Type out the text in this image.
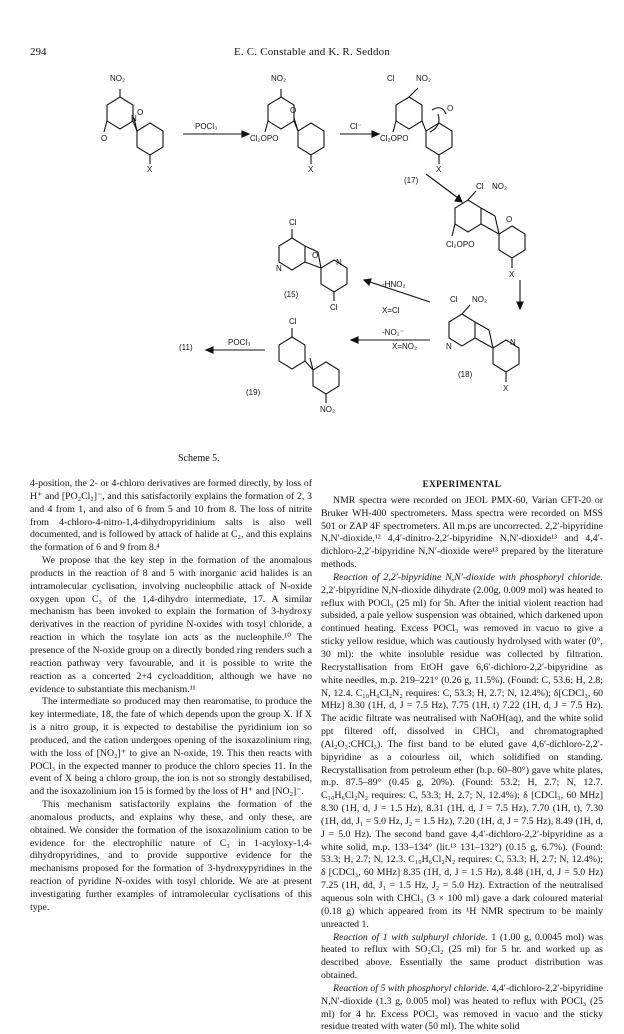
294	E. C. Constable and K. R. Seddon
NO₂
O
N
O
X
POCl₃
NO₂
O
Cl₂OPO
X
Cl⁻
Cl	NO₂
O
Cl₂OPO
X
(17)
Cl NO₂
O
Cl₂OPO
X
Cl
O
N
N
Cl
(15)
-HNO₂
X=Cl
-NO₂⁻
X=NO₂
Cl NO₂
N	N
X
(18)
Cl
POCl₃
(11)
(19)
NO₂
Scheme 5.

4-position, the 2- or 4-chloro derivatives are formed directly, by loss of H⁺ and [PO₂Cl₂]⁻, and this satisfactorily explains the formation of 2, 3 and 4 from 1, and also of 6 from 5 and 10 from 8. The loss of nitrite from 4-chloro-4-nitro-1,4-dihydropyridinium salts is also well documented, and is followed by attack of halide at C₂, and this explains the formation of 6 and 9 from 8.⁴

We propose that the key step in the formation of the anomalous products in the reaction of 8 and 5 with inorganic acid halides is an intramolecular cyclisation, involving nucleophilic attack of N-oxide oxygen upon C₃ of the 1,4-dihydro intermediate, 17. A similar mechanism has been invoked to explain the formation of 3-hydroxy derivatives in the reaction of pyridine N-oxides with tosyl chloride, a reaction in which the tosylate ion acts as the nucleophile.¹⁰ The presence of the N-oxide group on a directly bonded ring renders such a reaction pathway very favourable, and it is possible to write the reaction as a concerted 2+4 cycloaddition, although we have no evidence to substantiate this mechanism.¹¹

The intermediate so produced may then rearomatise, to produce the key intermediate, 18, the fate of which depends upon the group X. If X is a nitro group, it is expected to destabilise the pyridinium ion so produced, and the cation undergoes opening of the isoxazolinium ring, with the loss of [NO₂]⁺ to give an N-oxide, 19. This then reacts with POCl₃ in the expected manner to produce the chloro species 11. In the event of X being a chloro group, the ion is not so strongly destabilised, and the isoxazolinium ion 15 is formed by the loss of H⁺ and [NO₂]⁻.

This mechanism satisfactorily explains the formation of the anomalous products, and explains why these, and only these, are obtained. We consider the formation of the isoxazolinium cation to be evidence for the electrophilic nature of C₃ in 1-acyloxy-1,4-dihydropyridines, and to provide supportive evidence for the mechanisms proposed for the formation of 3-hydroxypyridines in the reaction of pyridine N-oxides with tosyl chloride. We are at present investigating further examples of intramolecular cyclisations of this type.

EXPERIMENTAL

NMR spectra were recorded on JEOL PMX-60, Varian CFT-20 or Bruker WH-400 spectrometers. Mass spectra were recorded on MSS 501 or ZAP 4F spectrometers. All m.ps are uncorrected. 2,2′-bipyridine N,N′-dioxide,¹² 4,4′-dinitro-2,2′-bipyridine N,N′-dioxide¹³ and 4,4′-dichloro-2,2′-bipyridine N,N′-dioxide were¹³ prepared by the literature methods.

Reaction of 2,2′-bipyridine N,N′-dioxide with phosphoryl chloride. 2,2′-bipyridine N,N-dioxide dihydrate (2.00g, 0.009 mol) was heated to reflux with POCl₃ (25 ml) for 5h. After the initial violent reaction had subsided, a pale yellow suspension was obtained, which darkened upon continued heating. Excess POCl₃ was removed in vacuo to give a sticky yellow residue, which was cautiously hydrolysed with water (0°, 30 ml): the white insoluble residue was collected by filtration. Recrystallisation from EtOH gave 6,6′-dichloro-2,2′-bipyridine as white needles, m.p. 219–221° (0.26 g, 11.5%). (Found: C, 53.6; H, 2.8; N, 12.4. C₁₀H₆Cl₂N₂ requires: C, 53.3; H, 2.7; N, 12.4%); δ[CDCl₃, 60 MHz] 8.30 (1H, d, J = 7.5 Hz), 7.75 (1H, t) 7.22 (1H, d, J = 7.5 Hz). The acidic filtrate was neutralised with NaOH(aq), and the white solid ppt filtered off, dissolved in CHCl₃ and chromatographed (Al₂O₃:CHCl₃). The first band to be eluted gave 4,6′-dichloro-2,2′-bipyridine as a colourless oil, which solidified on standing. Recrystallisation from petroleum ether (b.p. 60–80°) gave white plates, m.p. 87.5–89° (0.45 g, 20%). (Found: 53.2; H, 2.7; N, 12.7. C₁₀H₆Cl₂N₂ requires: C, 53.3; H, 2.7; N, 12.4%); δ [CDCl₃, 60 MHz] 8.30 (1H, d, J = 1.5 Hz), 8.31 (1H, d, J = 7.5 Hz), 7.70 (1H, t), 7.30 (1H, dd, J₁ = 5.0 Hz, J₂ = 1.5 Hz), 7.20 (1H, d, J = 7.5 Hz), 8.49 (1H, d, J = 5.0 Hz). The second band gave 4,4′-dichloro-2,2′-bipyridine as a white solid, m.p. 133–134° (lit.¹³ 131–132°) (0.15 g, 6.7%). (Found: 53.3; H, 2.7; N, 12.3. C₁₀H₆Cl₂N₂ requires: C, 53.3; H, 2.7; N, 12.4%); δ [CDCl₃, 60 MHz] 8.35 (1H, d, J = 1.5 Hz), 8.48 (1H, d, J = 5.0 Hz) 7.25 (1H, dd, J₁ = 1.5 Hz, J₂ = 5.0 Hz). Extraction of the neutralised aqueous soln with CHCl₃ (3 × 100 ml) gave a dark coloured material (0.18 g) which appeared from its ¹H NMR spectrum to be mainly unreacted 1.

Reaction of 1 with sulphuryl chloride. 1 (1.00 g, 0.0045 mol) was heated to reflux with SO₂Cl₂ (25 ml) for 5 hr. and worked up as described above. Essentially the same product distribution was obtained.

Reaction of 5 with phosphoryl chloride. 4,4′-dichloro-2,2′-bipyridine N,N′-dioxide (1.3 g, 0.005 mol) was heated to reflux with POCl₃ (25 ml) for 4 hr. Excess POCl₃ was removed in vacuo and the sticky residue treated with water (50 ml). The white solid
